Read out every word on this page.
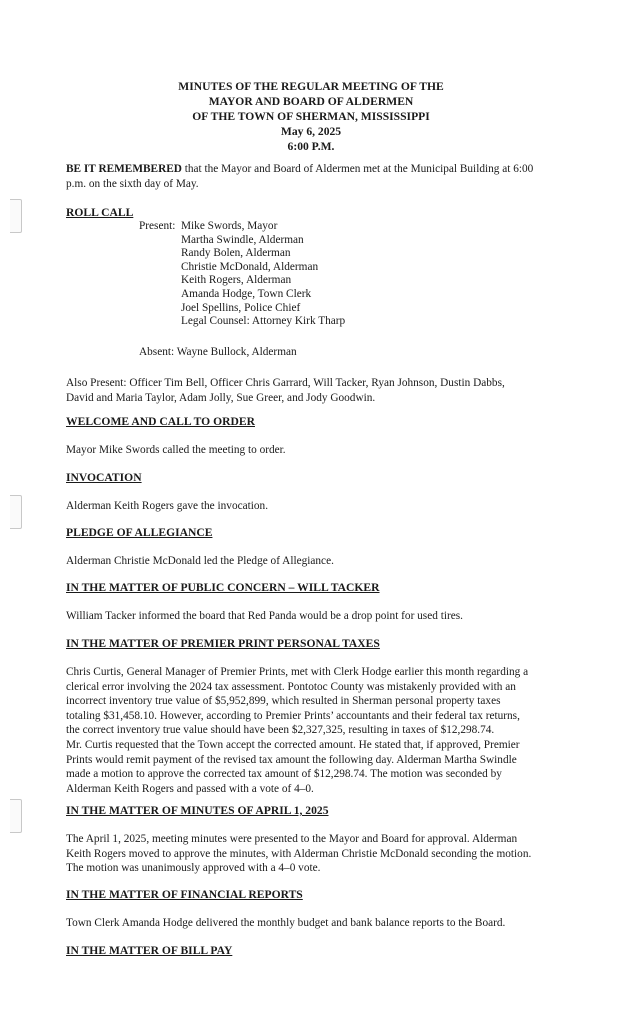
MINUTES OF THE REGULAR MEETING OF THE
MAYOR AND BOARD OF ALDERMEN
OF THE TOWN OF SHERMAN, MISSISSIPPI
May 6, 2025
6:00 P.M.
BE IT REMEMBERED that the Mayor and Board of Aldermen met at the Municipal Building at 6:00
p.m. on the sixth day of May.
ROLL CALL
Present: Mike Swords, Mayor
Martha Swindle, Alderman
Randy Bolen, Alderman
Christie McDonald, Alderman
Keith Rogers, Alderman
Amanda Hodge, Town Clerk
Joel Spellins, Police Chief
Legal Counsel: Attorney Kirk Tharp
Absent: Wayne Bullock, Alderman
Also Present: Officer Tim Bell, Officer Chris Garrard, Will Tacker, Ryan Johnson, Dustin Dabbs,
David and Maria Taylor, Adam Jolly, Sue Greer, and Jody Goodwin.
WELCOME AND CALL TO ORDER
Mayor Mike Swords called the meeting to order.
INVOCATION
Alderman Keith Rogers gave the invocation.
PLEDGE OF ALLEGIANCE
Alderman Christie McDonald led the Pledge of Allegiance.
IN THE MATTER OF PUBLIC CONCERN – WILL TACKER
William Tacker informed the board that Red Panda would be a drop point for used tires.
IN THE MATTER OF PREMIER PRINT PERSONAL TAXES
Chris Curtis, General Manager of Premier Prints, met with Clerk Hodge earlier this month regarding a
clerical error involving the 2024 tax assessment. Pontotoc County was mistakenly provided with an
incorrect inventory true value of $5,952,899, which resulted in Sherman personal property taxes
totaling $31,458.10. However, according to Premier Prints’ accountants and their federal tax returns,
the correct inventory true value should have been $2,327,325, resulting in taxes of $12,298.74.
Mr. Curtis requested that the Town accept the corrected amount. He stated that, if approved, Premier
Prints would remit payment of the revised tax amount the following day. Alderman Martha Swindle
made a motion to approve the corrected tax amount of $12,298.74. The motion was seconded by
Alderman Keith Rogers and passed with a vote of 4–0.
IN THE MATTER OF MINUTES OF APRIL 1, 2025
The April 1, 2025, meeting minutes were presented to the Mayor and Board for approval. Alderman
Keith Rogers moved to approve the minutes, with Alderman Christie McDonald seconding the motion.
The motion was unanimously approved with a 4–0 vote.
IN THE MATTER OF FINANCIAL REPORTS
Town Clerk Amanda Hodge delivered the monthly budget and bank balance reports to the Board.
IN THE MATTER OF BILL PAY
